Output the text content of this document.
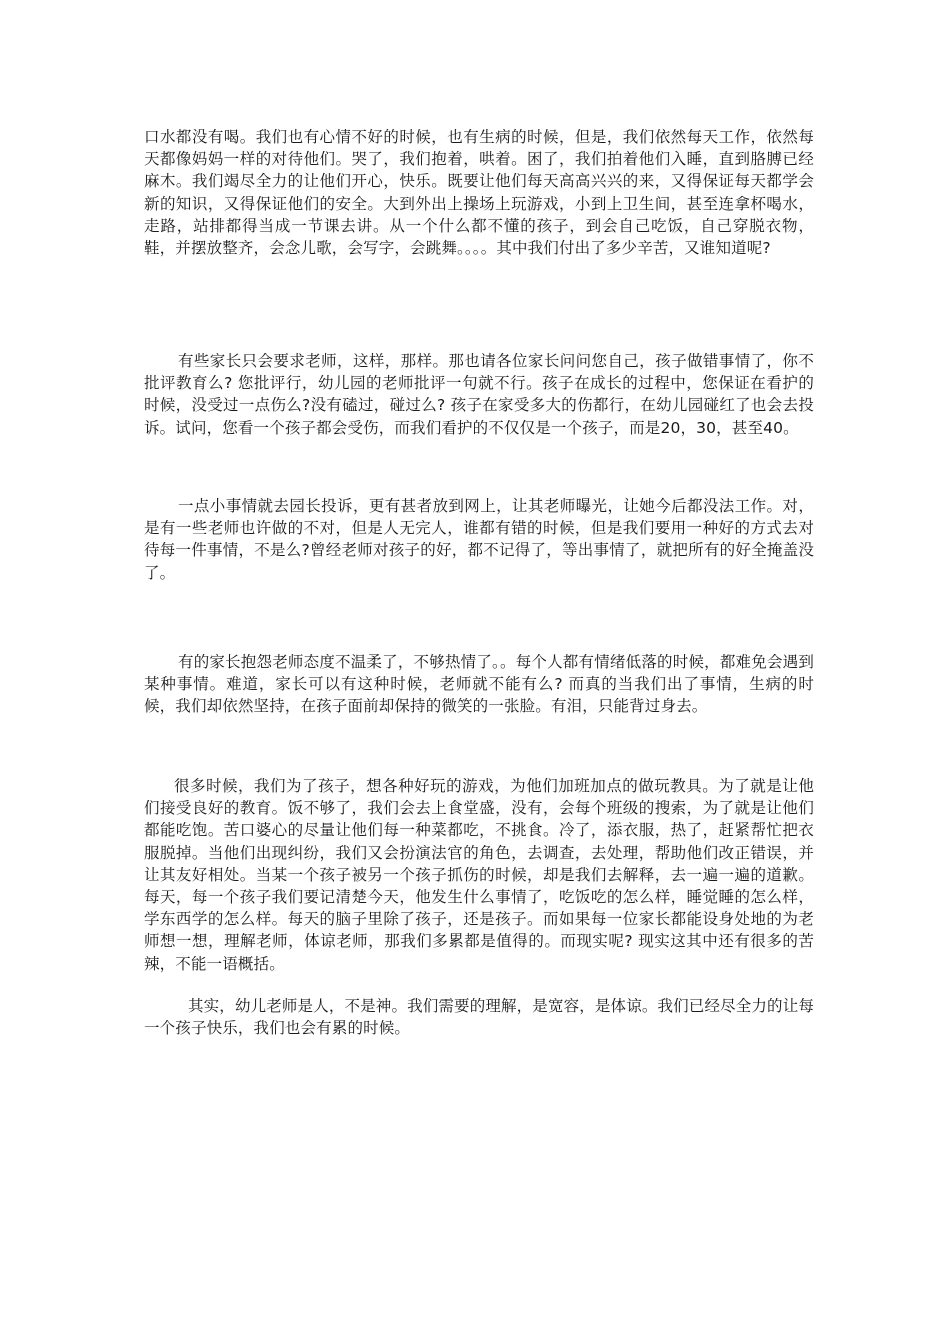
口水都没有喝。我们也有心情不好的时候，也有生病的时候，但是，我们依然每天工作，依然每天都像妈妈一样的对待他们。哭了，我们抱着，哄着。困了，我们拍着他们入睡，直到胳膊已经麻木。我们竭尽全力的让他们开心，快乐。既要让他们每天高高兴兴的来，又得保证每天都学会新的知识，又得保证他们的安全。大到外出上操场上玩游戏，小到上卫生间，甚至连拿杯喝水，走路，站排都得当成一节课去讲。从一个什么都不懂的孩子，到会自己吃饭，自己穿脱衣物，鞋，并摆放整齐，会念儿歌，会写字，会跳舞。。。。其中我们付出了多少辛苦，又谁知道呢?

有些家长只会要求老师，这样，那样。那也请各位家长问问您自己，孩子做错事情了，你不批评教育么? 您批评行，幼儿园的老师批评一句就不行。孩子在成长的过程中，您保证在看护的时候，没受过一点伤么?没有磕过，碰过么? 孩子在家受多大的伤都行，在幼儿园碰红了也会去投诉。试问，您看一个孩子都会受伤，而我们看护的不仅仅是一个孩子，而是20，30，甚至40。

一点小事情就去园长投诉，更有甚者放到网上，让其老师曝光，让她今后都没法工作。对，是有一些老师也许做的不对，但是人无完人，谁都有错的时候，但是我们要用一种好的方式去对待每一件事情，不是么?曾经老师对孩子的好，都不记得了，等出事情了，就把所有的好全掩盖没了。

有的家长抱怨老师态度不温柔了，不够热情了。。每个人都有情绪低落的时候，都难免会遇到某种事情。难道，家长可以有这种时候，老师就不能有么? 而真的当我们出了事情，生病的时候，我们却依然坚持，在孩子面前却保持的微笑的一张脸。有泪，只能背过身去。

很多时候，我们为了孩子，想各种好玩的游戏，为他们加班加点的做玩教具。为了就是让他们接受良好的教育。饭不够了，我们会去上食堂盛，没有，会每个班级的搜索，为了就是让他们都能吃饱。苦口婆心的尽量让他们每一种菜都吃，不挑食。冷了，添衣服，热了，赶紧帮忙把衣服脱掉。当他们出现纠纷，我们又会扮演法官的角色，去调查，去处理，帮助他们改正错误，并让其友好相处。当某一个孩子被另一个孩子抓伤的时候，却是我们去解释，去一遍一遍的道歉。每天，每一个孩子我们要记清楚今天，他发生什么事情了，吃饭吃的怎么样，睡觉睡的怎么样，学东西学的怎么样。每天的脑子里除了孩子，还是孩子。而如果每一位家长都能设身处地的为老师想一想，理解老师，体谅老师，那我们多累都是值得的。而现实呢? 现实这其中还有很多的苦辣，不能一语概括。

其实，幼儿老师是人，不是神。我们需要的理解，是宽容，是体谅。我们已经尽全力的让每一个孩子快乐，我们也会有累的时候。
